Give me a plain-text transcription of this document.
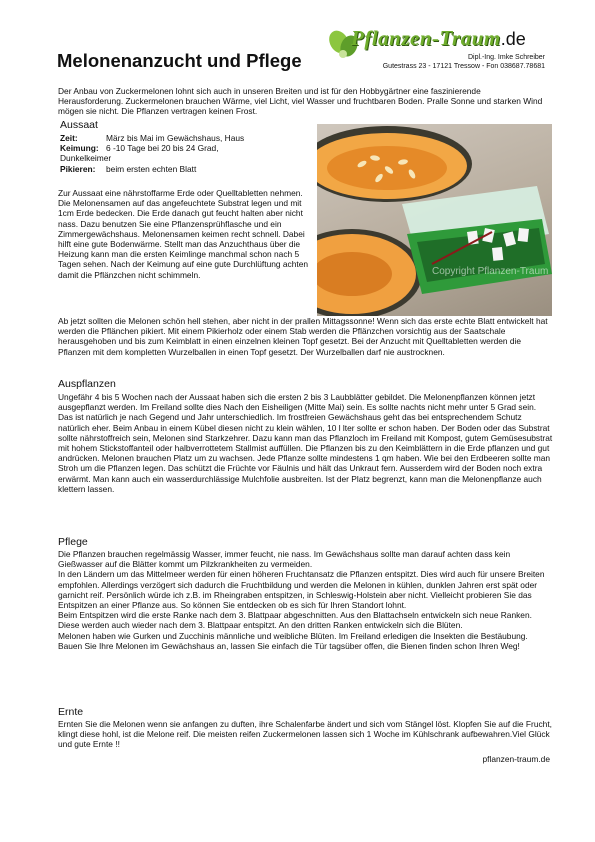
Pflanzen-Traum.de
Dipl.-Ing. Imke Schreiber
Gutestrass 23 - 17121 Tressow - Fon 038687.78681
Melonenanzucht und Pflege

Der Anbau von Zuckermelonen lohnt sich auch in unseren Breiten und ist für den Hobbygärtner eine faszinierende Herausforderung. Zuckermelonen brauchen Wärme, viel Licht, viel Wasser und fruchtbaren Boden. Pralle Sonne und starken Wind mögen sie nicht. Die Pflanzen vertragen keinen Frost.

Aussaat
Zeit:	März bis Mai im Gewächshaus, Haus
Keimung: 6 -10 Tage bei 20 bis 24 Grad,
Dunkelkeimer
Pikieren: beim ersten echten Blatt
Copyright Pflanzen-Traum

Zur Aussaat eine nährstoffarme Erde oder Quelltabletten nehmen. Die Melonensamen auf das angefeuchtete Substrat legen und mit 1cm Erde bedecken. Die Erde danach gut feucht halten aber nicht nass. Dazu benutzen Sie eine Pflanzensprühflasche und ein Zimmergewächshaus. Melonensamen keimen recht schnell. Dabei hilft eine gute Bodenwärme. Stellt man das Anzuchthaus über die Heizung kann man die ersten Keimlinge manchmal schon nach 5 Tagen sehen. Nach der Keimung auf eine gute Durchlüftung achten damit die Pflänzchen nicht schimmeln.

Ab jetzt sollten die Melonen schön hell stehen, aber nicht in der prallen Mittagssonne! Wenn sich das erste echte Blatt entwickelt hat werden die Pflänchen pikiert. Mit einem Pikierholz oder einem Stab werden die Pflänzchen vorsichtig aus der Saatschale herausgehoben und bis zum Keimblatt in einen einzelnen kleinen Topf gesetzt. Bei der Anzucht mit Quelltabletten werden die Pflanzen mit dem kompletten Wurzelballen in einen Topf gesetzt. Der Wurzelballen darf nie austrocknen.

Auspflanzen

Ungefähr 4 bis 5 Wochen nach der Aussaat haben sich die ersten 2 bis 3 Laubblätter gebildet. Die Melonenpflanzen können jetzt ausgepflanzt werden. Im Freiland sollte dies Nach den Eisheiligen (Mitte Mai) sein. Es sollte nachts nicht mehr unter 5 Grad sein. Das ist natürlich je nach Gegend und Jahr unterschiedlich. Im frostfreien Gewächshaus geht das bei entsprechendem Schutz natürlich eher. Beim Anbau in einem Kübel diesen nicht zu klein wählen, 10 l lter sollte er schon haben. Der Boden oder das Substrat sollte nährstoffreich sein, Melonen sind Starkzehrer. Dazu kann man das Pflanzloch im Freiland mit Kompost, gutem Gemüsesubstrat mit hohem Stickstoffanteil oder halbverrottetem Stallmist auffüllen. Die Pflanzen bis zu den Keimblättern in die Erde pflanzen und gut andrücken. Melonen brauchen Platz um zu wachsen. Jede Pflanze sollte mindestens 1 qm haben. Wie bei den Erdbeeren sollte man Stroh um die Pflanzen legen. Das schützt die Früchte vor Fäulnis und hält das Unkraut fern. Ausserdem wird der Boden noch extra erwärmt. Man kann auch ein wasserdurchlässige Mulchfolie ausbreiten. Ist der Platz begrenzt, kann man die Melonenpflanze auch klettern lassen.

Pflege
Die Pflanzen brauchen regelmässig Wasser, immer feucht, nie nass. Im Gewächshaus sollte man darauf achten dass kein Gießwasser auf die Blätter kommt um Pilzkrankheiten zu vermeiden.
In den Ländern um das Mittelmeer werden für einen höheren Fruchtansatz die Pflanzen entspitzt. Dies wird auch für unsere Breiten empfohlen. Allerdings verzögert sich dadurch die Fruchtbildung und werden die Melonen in kühlen, dunklen Jahren erst spät oder garnicht reif. Persönlich würde ich z.B. im Rheingraben entspitzen, in Schleswig-Holstein aber nicht. Vielleicht probieren Sie das Entspitzen an einer Pflanze aus. So können Sie entdecken ob es sich für Ihren Standort lohnt.
Beim Entspitzen wird die erste Ranke nach dem 3. Blattpaar abgeschnitten. Aus den Blattachseln entwickeln sich neue Ranken. Diese werden auch wieder nach dem 3. Blattpaar entspitzt. An den dritten Ranken entwickeln sich die Blüten.
Melonen haben wie Gurken und Zucchinis männliche und weibliche Blüten. Im Freiland erledigen die Insekten die Bestäubung. Bauen Sie Ihre Melonen im Gewächshaus an, lassen Sie einfach die Tür tagsüber offen, die Bienen finden schon Ihren Weg!
Ernte

Ernten Sie die Melonen wenn sie anfangen zu duften, ihre Schalenfarbe ändert und sich vom Stängel löst. Klopfen Sie auf die Frucht, klingt diese hohl, ist die Melone reif. Die meisten reifen Zuckermelonen lassen sich 1 Woche im Kühlschrank aufbewahren.Viel Glück und gute Ernte !!

pflanzen-traum.de
